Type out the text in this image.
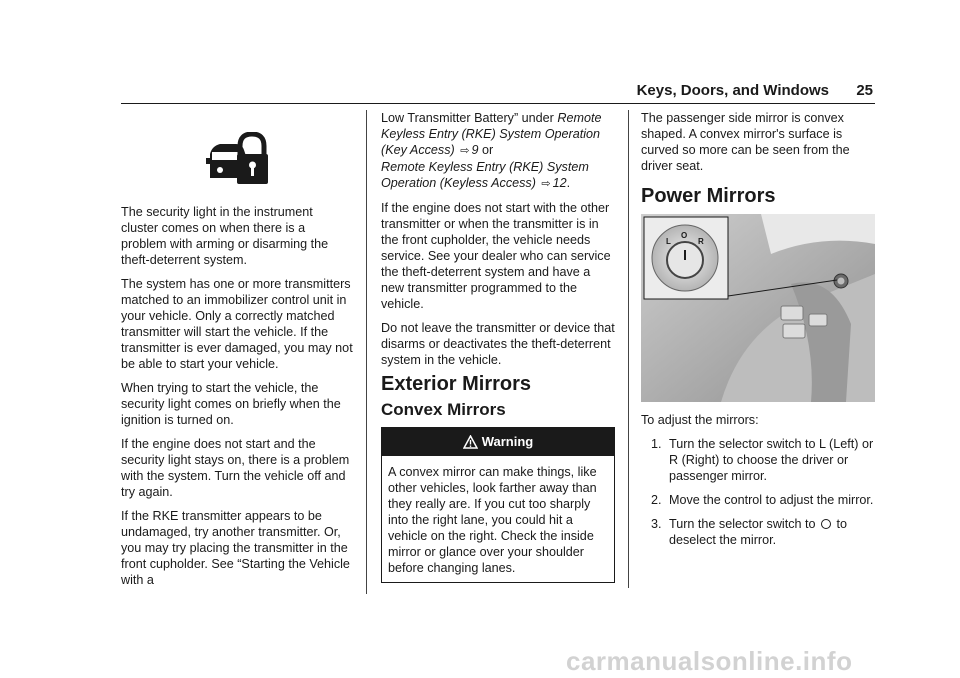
Keys, Doors, and Windows 25

The security light in the instrument cluster comes on when there is a problem with arming or disarming the theft-deterrent system.

The system has one or more transmitters matched to an immobilizer control unit in your vehicle. Only a correctly matched transmitter will start the vehicle. If the transmitter is ever damaged, you may not be able to start your vehicle.

When trying to start the vehicle, the security light comes on briefly when the ignition is turned on.

If the engine does not start and the security light stays on, there is a problem with the system. Turn the vehicle off and try again.

If the RKE transmitter appears to be undamaged, try another transmitter. Or, you may try placing the transmitter in the front cupholder. See “Starting the Vehicle with a

Low Transmitter Battery” under Remote Keyless Entry (RKE) System Operation (Key Access) ⇨ 9 or
Remote Keyless Entry (RKE) System Operation (Keyless Access) ⇨ 12.

If the engine does not start with the other transmitter or when the transmitter is in the front cupholder, the vehicle needs service. See your dealer who can service the theft-deterrent system and have a new transmitter programmed to the vehicle.

Do not leave the transmitter or device that disarms or deactivates the theft-deterrent system in the vehicle.

Exterior Mirrors
Convex Mirrors
Warning

A convex mirror can make things, like other vehicles, look farther away than they really are. If you cut too sharply into the right lane, you could hit a vehicle on the right. Check the inside mirror or glance over your shoulder before changing lanes.

The passenger side mirror is convex shaped. A convex mirror's surface is curved so more can be seen from the driver seat.

Power Mirrors
L
O
R

To adjust the mirrors:

1. Turn the selector switch to L (Left) or R (Right) to choose the driver or passenger mirror.
2. Move the control to adjust the mirror.
3. Turn the selector switch to  to deselect the mirror.
carmanualsonline.info
